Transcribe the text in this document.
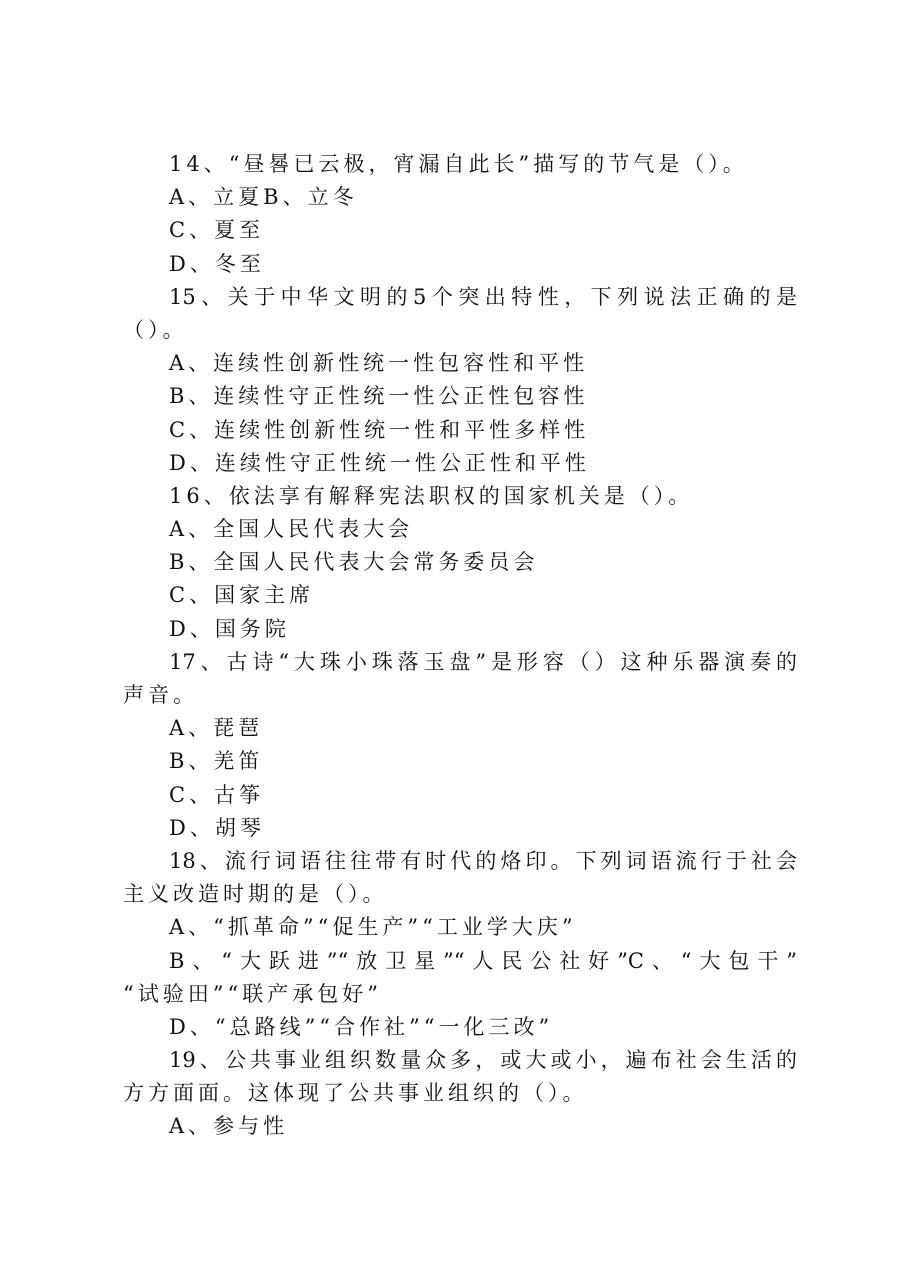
14、“昼晷已云极，宵漏自此长”描写的节气是（）。
A、立夏B、立冬
C、夏至
D、冬至
15、关于中华文明的5个突出特性，下列说法正确的是
（）。
A、连续性创新性统一性包容性和平性
B、连续性守正性统一性公正性包容性
C、连续性创新性统一性和平性多样性
D、连续性守正性统一性公正性和平性
16、依法享有解释宪法职权的国家机关是（）。
A、全国人民代表大会
B、全国人民代表大会常务委员会
C、国家主席
D、国务院
17、古诗“大珠小珠落玉盘”是形容（）这种乐器演奏的
声音。
A、琵琶
B、羌笛
C、古筝
D、胡琴
18、流行词语往往带有时代的烙印。下列词语流行于社会
主义改造时期的是（）。
A、“抓革命”“促生产”“工业学大庆”
B、“大跃进”“放卫星”“人民公社好”C、“大包干”
“试验田”“联产承包好”
D、“总路线”“合作社”“一化三改”
19、公共事业组织数量众多，或大或小，遍布社会生活的
方方面面。这体现了公共事业组织的（）。
A、参与性
